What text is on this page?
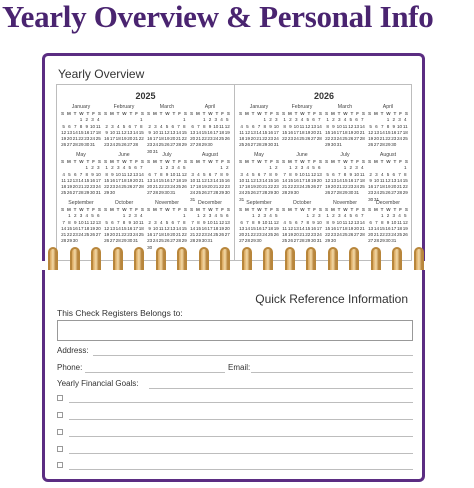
Yearly Overview & Personal Info
Yearly Overview
2025
January
S M T W T F S
1 2 3 4
5 6 7 8 9 10 11
12 13 14 15 16 17 18
19 20 21 22 23 24 25
26 27 28 29 30 31
February
S M T W T F S
1
2 3 4 5 6 7 8
9 10 11 12 13 14 15
16 17 18 19 20 21 22
23 24 25 26 27 28
March
S M T W T F S
1
2 3 4 5 6 7 8
9 10 11 12 13 14 15
16 17 18 19 20 21 22
23 24 25 26 27 28 29
30 31
April
S M T W T F S
1 2 3 4 5
6 7 8 9 10 11 12
13 14 15 16 17 18 19
20 21 22 23 24 25 26
27 28 29 30
May
S M T W T F S
1 2 3
4 5 6 7 8 9 10
11 12 13 14 15 16 17
18 19 20 21 22 23 24
25 26 27 28 29 30 31
June
S M T W T F S
1 2 3 4 5 6 7
8 9 10 11 12 13 14
15 16 17 18 19 20 21
22 23 24 25 26 27 28
29 30
July
S M T W T F S
1 2 3 4 5
6 7 8 9 10 11 12
13 14 15 16 17 18 19
20 21 22 23 24 25 26
27 28 29 30 31
August
S M T W T F S
1 2
3 4 5 6 7 8 9
10 11 12 13 14 15 16
17 18 19 20 21 22 23
24 25 26 27 28 29 30
31
September
S M T W T F S
1 2 3 4 5 6
7 8 9 10 11 12 13
14 15 16 17 18 19 20
21 22 23 24 25 26 27
28 29 30
October
S M T W T F S
1 2 3 4
5 6 7 8 9 10 11
12 13 14 15 16 17 18
19 20 21 22 23 24 25
26 27 28 29 30 31
November
S M T W T F S
1
2 3 4 5 6 7 8
9 10 11 12 13 14 15
16 17 18 19 20 21 22
23 24 25 26 27 28 29
30
December
S M T W T F S
1 2 3 4 5 6
7 8 9 10 11 12 13
14 15 16 17 18 19 20
21 22 23 24 25 26 27
28 29 30 31
2026
January
S M T W T F S
1 2 3
4 5 6 7 8 9 10
11 12 13 14 15 16 17
18 19 20 21 22 23 24
25 26 27 28 29 30 31
February
S M T W T F S
1 2 3 4 5 6 7
8 9 10 11 12 13 14
15 16 17 18 19 20 21
22 23 24 25 26 27 28
March
S M T W T F S
1 2 3 4 5 6 7
8 9 10 11 12 13 14
15 16 17 18 19 20 21
22 23 24 25 26 27 28
29 30 31
April
S M T W T F S
1 2 3 4
5 6 7 8 9 10 11
12 13 14 15 16 17 18
19 20 21 22 23 24 25
26 27 28 29 30
May
S M T W T F S
1 2
3 4 5 6 7 8 9
10 11 12 13 14 15 16
17 18 19 20 21 22 23
24 25 26 27 28 29 30
31
June
S M T W T F S
1 2 3 4 5 6
7 8 9 10 11 12 13
14 15 16 17 18 19 20
21 22 23 24 25 26 27
28 29 30
July
S M T W T F S
1 2 3 4
5 6 7 8 9 10 11
12 13 14 15 16 17 18
19 20 21 22 23 24 25
26 27 28 29 30 31
August
S M T W T F S
1
2 3 4 5 6 7 8
9 10 11 12 13 14 15
16 17 18 19 20 21 22
23 24 25 26 27 28 29
30 31
September
S M T W T F S
1 2 3 4 5
6 7 8 9 10 11 12
13 14 15 16 17 18 19
20 21 22 23 24 25 26
27 28 29 30
October
S M T W T F S
1 2 3
4 5 6 7 8 9 10
11 12 13 14 15 16 17
18 19 20 21 22 23 24
25 26 27 28 29 30 31
November
S M T W T F S
1 2 3 4 5 6 7
8 9 10 11 12 13 14
15 16 17 18 19 20 21
22 23 24 25 26 27 28
29 30
December
S M T W T F S
1 2 3 4 5
6 7 8 9 10 11 12
13 14 15 16 17 18 19
20 21 22 23 24 25 26
27 28 29 30 31
Quick Reference Information
This Check Registers Belongs to:
Address:
Phone:	Email:
Yearly Financial Goals:
